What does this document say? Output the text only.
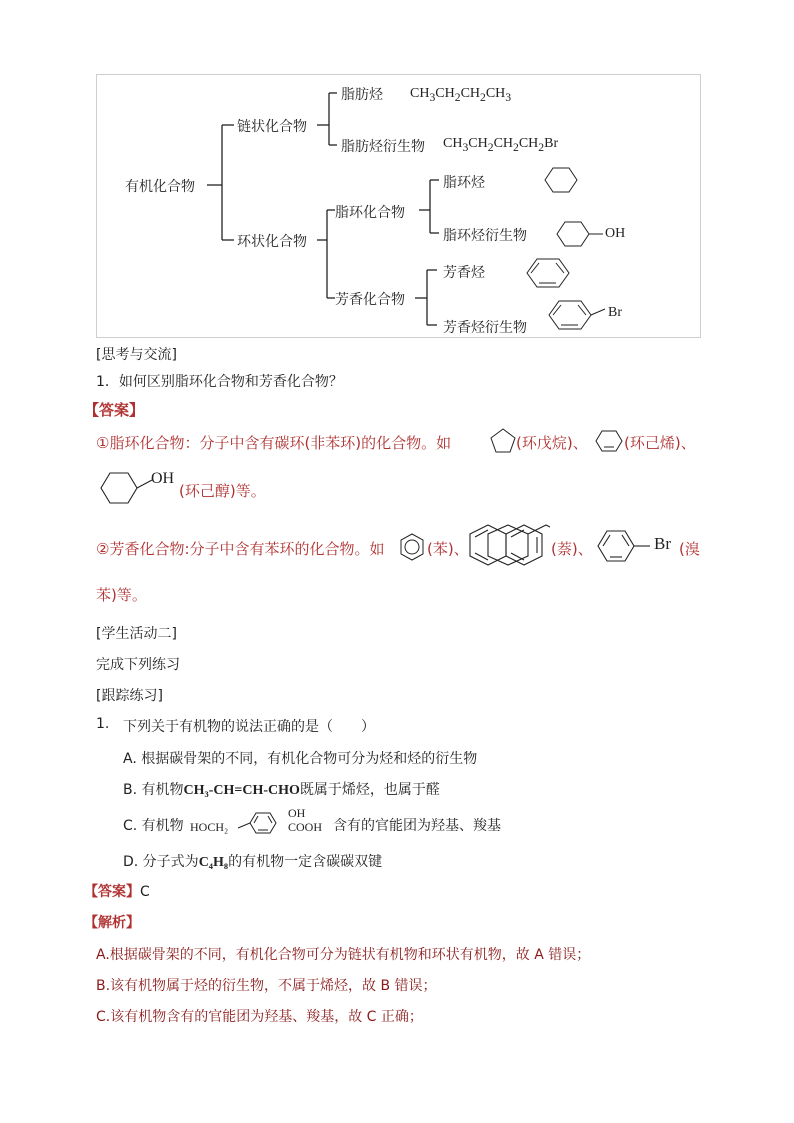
有机化合物
链状化合物
脂肪烃 $CH_3CH_2CH_2CH_3$
脂肪烃衍生物 $CH_3CH_2CH_2CH_2Br$
环状化合物
脂环化合物
脂环烃
脂环烃衍生物	OH
芳香化合物
芳香烃
芳香烃衍生物
Br
[思考与交流]
1．如何区别脂环化合物和芳香化合物？
【答案】
①脂环化合物：分子中含有碳环(非苯环)的化合物。如	(环戊烷)、 (环己烯)、
OH
(环己醇)等。
②芳香化合物:分子中含有苯环的化合物。如	(苯)、	(萘)、	Br (溴
苯)等。
[学生活动二]
完成下列练习
[跟踪练习]
1. 下列关于有机物的说法正确的是（　　）
A. 根据碳骨架的不同，有机化合物可分为烃和烃的衍生物
B. 有机物CH₃-CH=CH-CHO既属于烯烃，也属于醛
C. 有机物 HOCH₂
OH
COOH 含有的官能团为羟基、羧基
D. 分子式为C₄H₈的有机物一定含碳碳双键
【答案】C
【解析】
A.根据碳骨架的不同，有机化合物可分为链状有机物和环状有机物，故 A 错误；
B.该有机物属于烃的衍生物，不属于烯烃，故 B 错误；
C.该有机物含有的官能团为羟基、羧基，故 C 正确；
